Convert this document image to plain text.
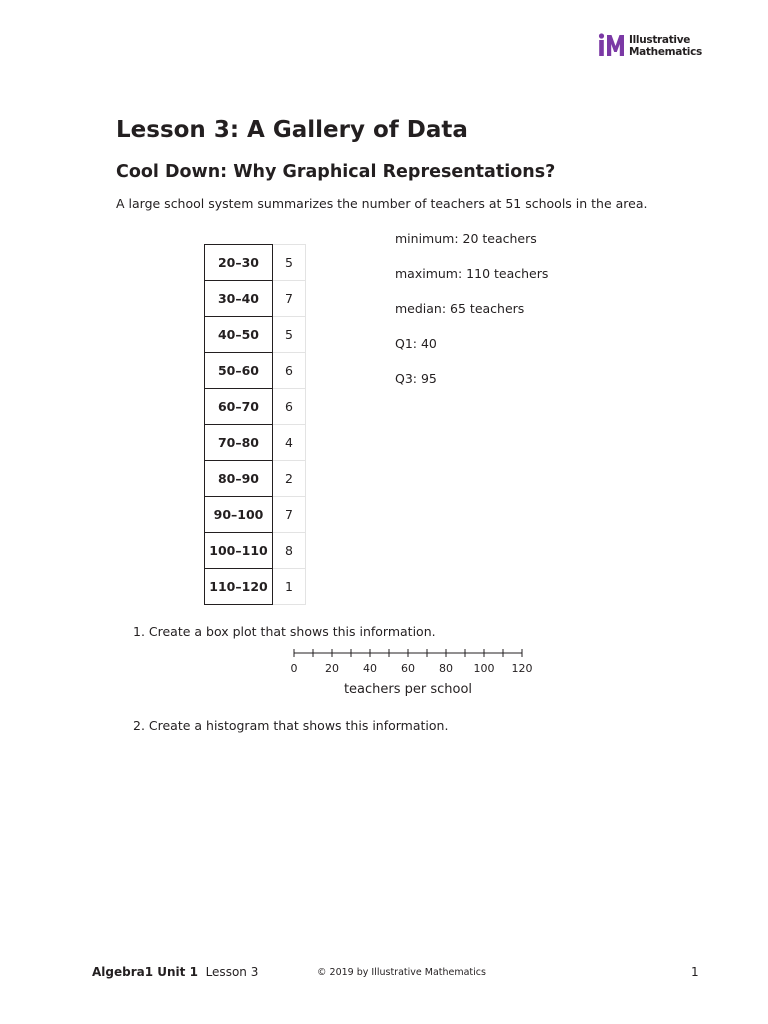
Illustrative
Mathematics
Lesson 3: A Gallery of Data
Cool Down: Why Graphical Representations?
A large school system summarizes the number of teachers at 51 schools in the area.
20–30	5
30–40	7
40–50	5
50–60	6
60–70	6
70–80	4
80–90	2
90–100	7
100–110	8
110–120	1
minimum: 20 teachers
maximum: 110 teachers
median: 65 teachers
Q1: 40
Q3: 95
1. Create a box plot that shows this information.
0	20 40 60 80 100 120
teachers per school
2. Create a histogram that shows this information.
Algebra1 Unit 1 Lesson 3	© 2019 by Illustrative Mathematics	1
